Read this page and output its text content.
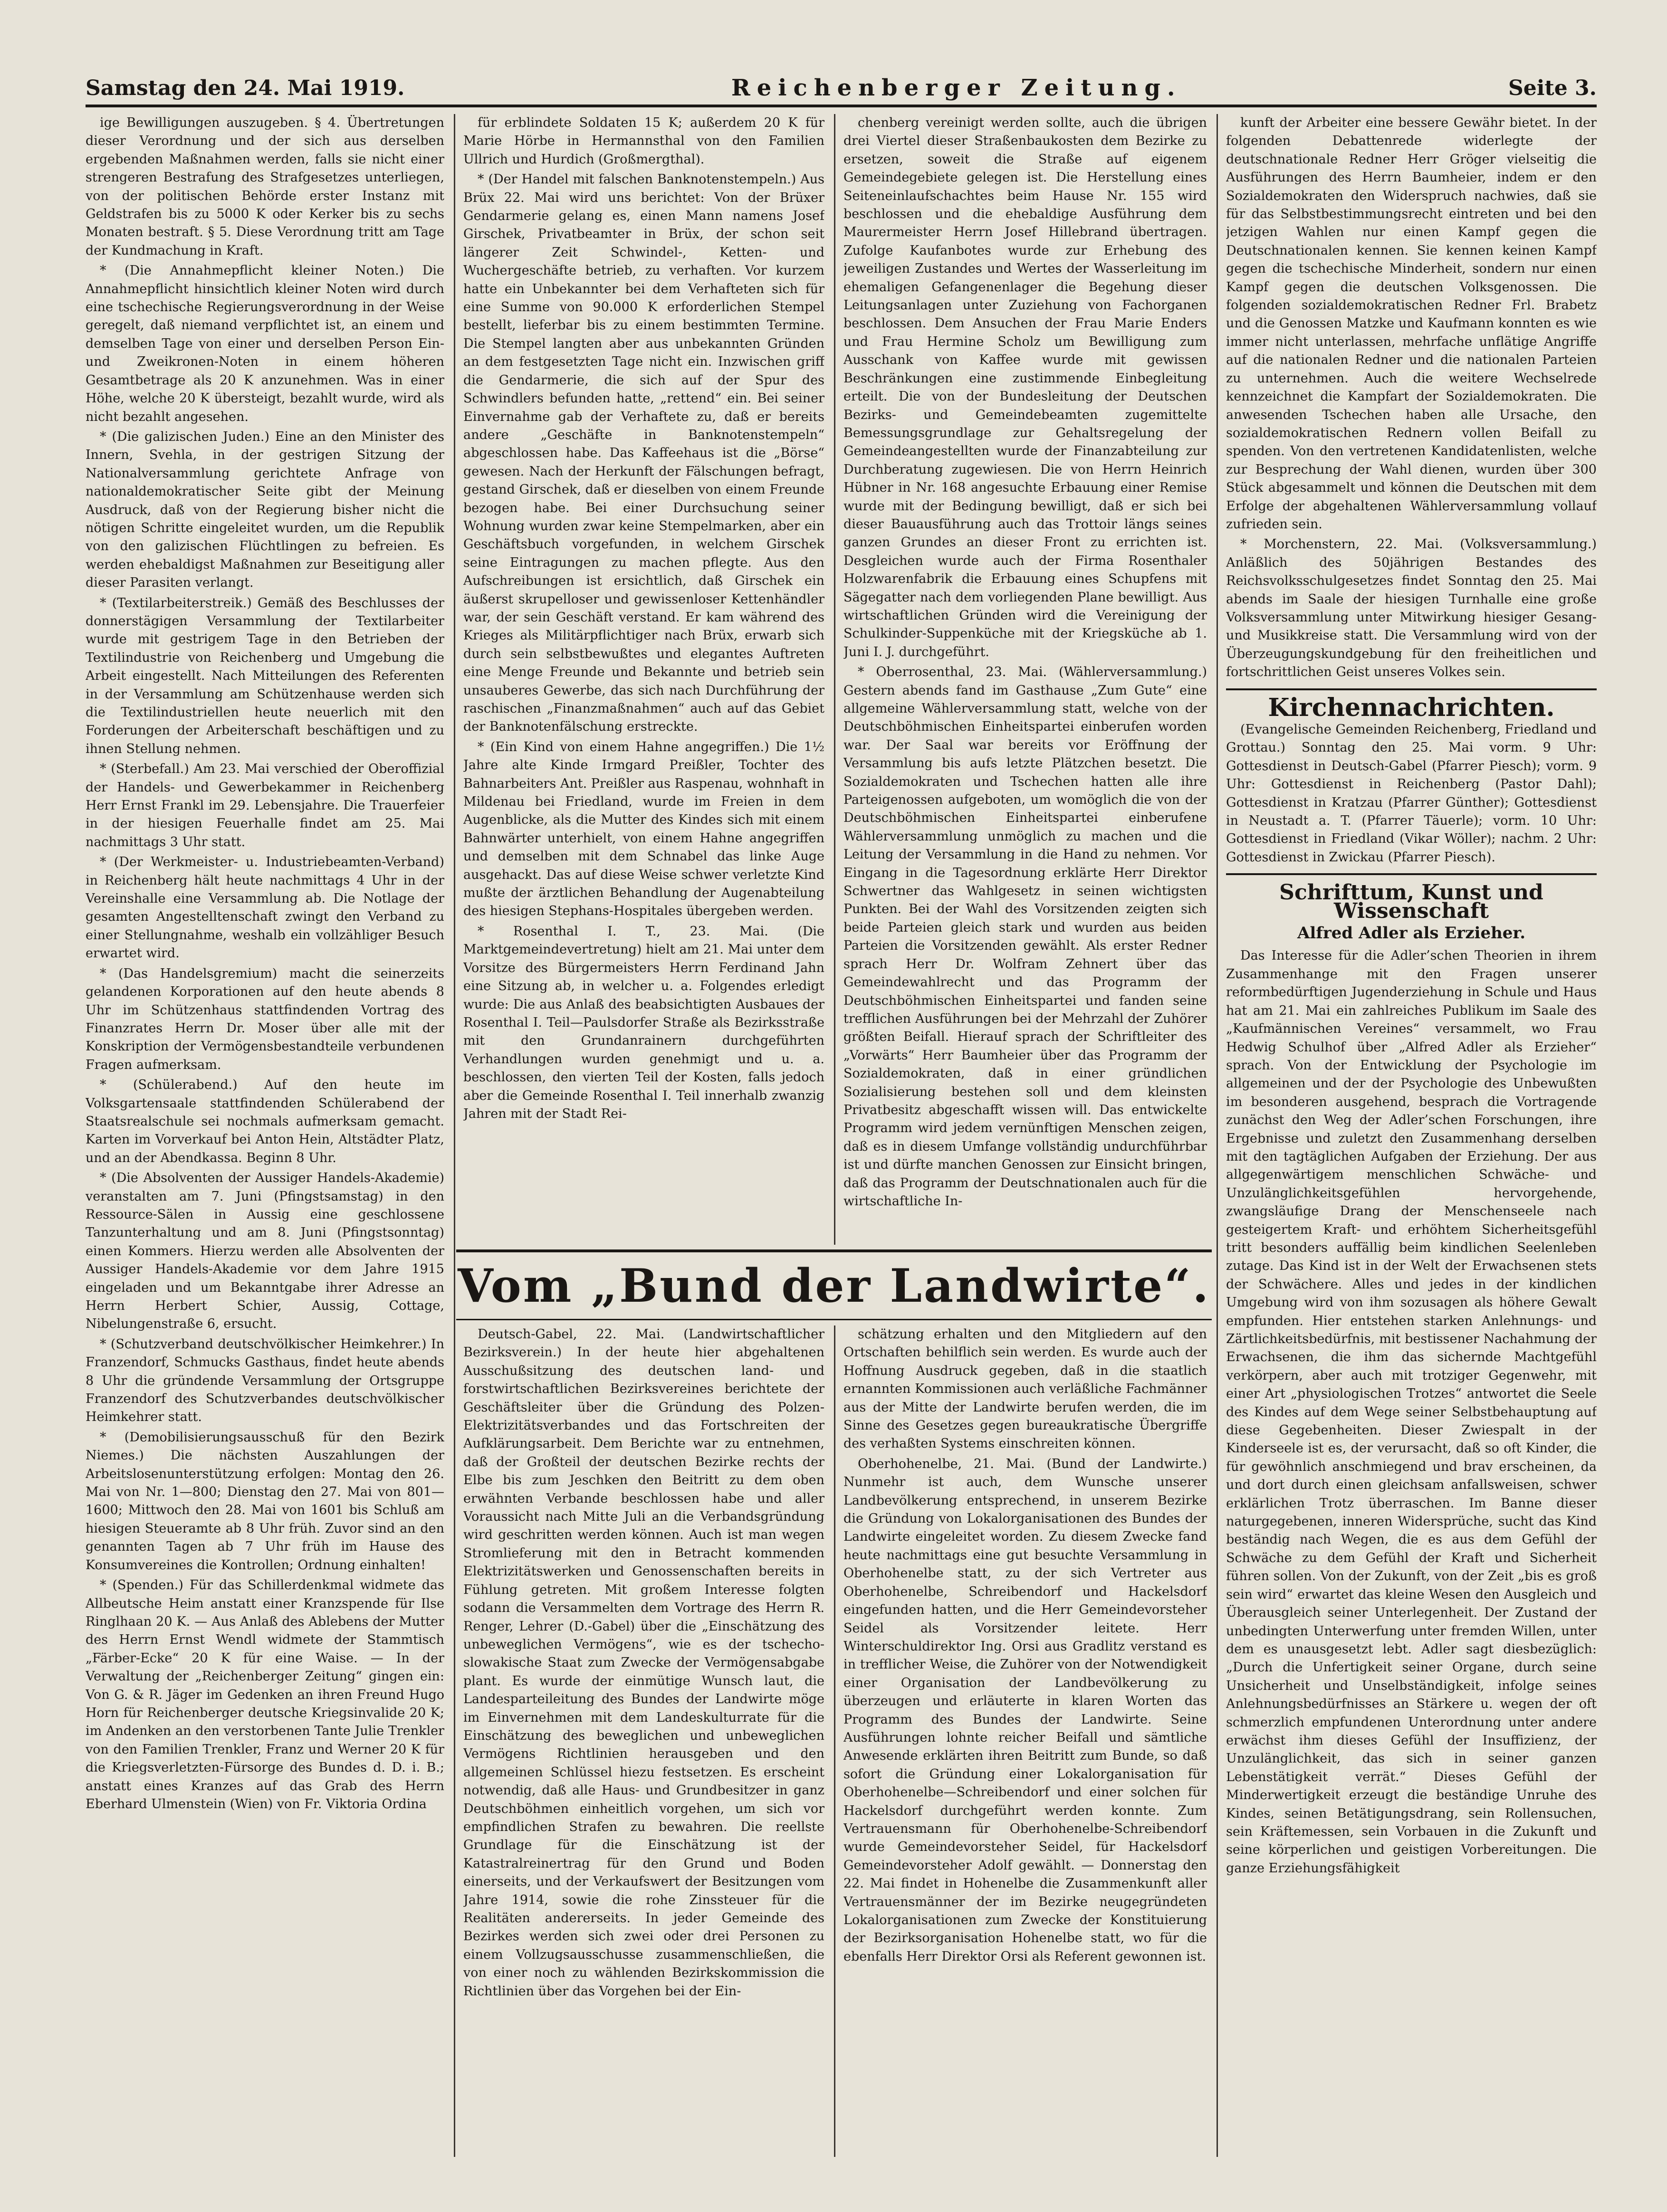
Samstag den 24. Mai 1919.	Reichenberger Zeitung.	Seite 3.

ige Bewilligungen auszugeben. § 4. Übertretungen dieser Verordnung und der sich aus derselben ergebenden Maßnahmen werden, falls sie nicht einer strengeren Bestrafung des Strafgesetzes unterliegen, von der politischen Behörde erster Instanz mit Geldstrafen bis zu 5000 K oder Kerker bis zu sechs Monaten bestraft. § 5. Diese Verordnung tritt am Tage der Kundmachung in Kraft.

* (Die Annahmepflicht kleiner Noten.) Die Annahmepflicht hinsichtlich kleiner Noten wird durch eine tschechische Regierungsverordnung in der Weise geregelt, daß niemand verpflichtet ist, an einem und demselben Tage von einer und derselben Person Ein- und Zweikronen-Noten in einem höheren Gesamtbetrage als 20 K anzunehmen. Was in einer Höhe, welche 20 K übersteigt, bezahlt wurde, wird als nicht bezahlt angesehen.

* (Die galizischen Juden.) Eine an den Minister des Innern, Svehla, in der gestrigen Sitzung der Nationalversammlung gerichtete Anfrage von nationaldemokratischer Seite gibt der Meinung Ausdruck, daß von der Regierung bisher nicht die nötigen Schritte eingeleitet wurden, um die Republik von den galizischen Flüchtlingen zu befreien. Es werden ehebaldigst Maßnahmen zur Beseitigung aller dieser Parasiten verlangt.

* (Textilarbeiterstreik.) Gemäß des Beschlusses der donnerstägigen Versammlung der Textilarbeiter wurde mit gestrigem Tage in den Betrieben der Textilindustrie von Reichenberg und Umgebung die Arbeit eingestellt. Nach Mitteilungen des Referenten in der Versammlung am Schützenhause werden sich die Textilindustriellen heute neuerlich mit den Forderungen der Arbeiterschaft beschäftigen und zu ihnen Stellung nehmen.

* (Sterbefall.) Am 23. Mai verschied der Oberoffizial der Handels- und Gewerbekammer in Reichenberg Herr Ernst Frankl im 29. Lebensjahre. Die Trauerfeier in der hiesigen Feuerhalle findet am 25. Mai nachmittags 3 Uhr statt.

* (Der Werkmeister- u. Industriebeamten-Verband) in Reichenberg hält heute nachmittags 4 Uhr in der Vereinshalle eine Versammlung ab. Die Notlage der gesamten Angestelltenschaft zwingt den Verband zu einer Stellungnahme, weshalb ein vollzähliger Besuch erwartet wird.

* (Das Handelsgremium) macht die seinerzeits gelandenen Korporationen auf den heute abends 8 Uhr im Schützenhaus stattfindenden Vortrag des Finanzrates Herrn Dr. Moser über alle mit der Konskription der Vermögensbestandteile verbundenen Fragen aufmerksam.

* (Schülerabend.) Auf den heute im Volksgartensaale stattfindenden Schülerabend der Staatsrealschule sei nochmals aufmerksam gemacht. Karten im Vorverkauf bei Anton Hein, Altstädter Platz, und an der Abendkassa. Beginn 8 Uhr.

* (Die Absolventen der Aussiger Handels-Akademie) veranstalten am 7. Juni (Pfingstsamstag) in den Ressource-Sälen in Aussig eine geschlossene Tanzunterhaltung und am 8. Juni (Pfingstsonntag) einen Kommers. Hierzu werden alle Absolventen der Aussiger Handels-Akademie vor dem Jahre 1915 eingeladen und um Bekanntgabe ihrer Adresse an Herrn Herbert Schier, Aussig, Cottage, Nibelungenstraße 6, ersucht.

* (Schutzverband deutschvölkischer Heimkehrer.) In Franzendorf, Schmucks Gasthaus, findet heute abends 8 Uhr die gründende Versammlung der Ortsgruppe Franzendorf des Schutzverbandes deutschvölkischer Heimkehrer statt.

* (Demobilisierungsausschuß für den Bezirk Niemes.) Die nächsten Auszahlungen der Arbeitslosenunterstützung erfolgen: Montag den 26. Mai von Nr. 1—800; Dienstag den 27. Mai von 801—1600; Mittwoch den 28. Mai von 1601 bis Schluß am hiesigen Steueramte ab 8 Uhr früh. Zuvor sind an den genannten Tagen ab 7 Uhr früh im Hause des Konsumvereines die Kontrollen; Ordnung einhalten!

* (Spenden.) Für das Schillerdenkmal widmete das Allbeutsche Heim anstatt einer Kranzspende für Ilse Ringlhaan 20 K. — Aus Anlaß des Ablebens der Mutter des Herrn Ernst Wendl widmete der Stammtisch „Färber-Ecke“ 20 K für eine Waise. — In der Verwaltung der „Reichenberger Zeitung“ gingen ein: Von G. & R. Jäger im Gedenken an ihren Freund Hugo Horn für Reichenberger deutsche Kriegsinvalide 20 K; im Andenken an den verstorbenen Tante Julie Trenkler von den Familien Trenkler, Franz und Werner 20 K für die Kriegsverletzten-Fürsorge des Bundes d. D. i. B.; anstatt eines Kranzes auf das Grab des Herrn Eberhard Ulmenstein (Wien) von Fr. Viktoria Ordina

für erblindete Soldaten 15 K; außerdem 20 K für Marie Hörbe in Hermannsthal von den Familien Ullrich und Hurdich (Großmergthal).

* (Der Handel mit falschen Banknotenstempeln.) Aus Brüx 22. Mai wird uns berichtet: Von der Brüxer Gendarmerie gelang es, einen Mann namens Josef Girschek, Privatbeamter in Brüx, der schon seit längerer Zeit Schwindel-, Ketten- und Wuchergeschäfte betrieb, zu verhaften. Vor kurzem hatte ein Unbekannter bei dem Verhafteten sich für eine Summe von 90.000 K erforderlichen Stempel bestellt, lieferbar bis zu einem bestimmten Termine. Die Stempel langten aber aus unbekannten Gründen an dem festgesetzten Tage nicht ein. Inzwischen griff die Gendarmerie, die sich auf der Spur des Schwindlers befunden hatte, „rettend“ ein. Bei seiner Einvernahme gab der Verhaftete zu, daß er bereits andere „Geschäfte in Banknotenstempeln“ abgeschlossen habe. Das Kaffeehaus ist die „Börse“ gewesen. Nach der Herkunft der Fälschungen befragt, gestand Girschek, daß er dieselben von einem Freunde bezogen habe. Bei einer Durchsuchung seiner Wohnung wurden zwar keine Stempelmarken, aber ein Geschäftsbuch vorgefunden, in welchem Girschek seine Eintragungen zu machen pflegte. Aus den Aufschreibungen ist ersichtlich, daß Girschek ein äußerst skrupelloser und gewissenloser Kettenhändler war, der sein Geschäft verstand. Er kam während des Krieges als Militärpflichtiger nach Brüx, erwarb sich durch sein selbstbewußtes und elegantes Auftreten eine Menge Freunde und Bekannte und betrieb sein unsauberes Gewerbe, das sich nach Durchführung der raschischen „Finanzmaßnahmen“ auch auf das Gebiet der Banknotenfälschung erstreckte.

* (Ein Kind von einem Hahne angegriffen.) Die 1½ Jahre alte Kinde Irmgard Preißler, Tochter des Bahnarbeiters Ant. Preißler aus Raspenau, wohnhaft in Mildenau bei Friedland, wurde im Freien in dem Augenblicke, als die Mutter des Kindes sich mit einem Bahnwärter unterhielt, von einem Hahne angegriffen und demselben mit dem Schnabel das linke Auge ausgehackt. Das auf diese Weise schwer verletzte Kind mußte der ärztlichen Behandlung der Augenabteilung des hiesigen Stephans-Hospitales übergeben werden.

* Rosenthal I. T., 23. Mai. (Die Marktgemeindevertretung) hielt am 21. Mai unter dem Vorsitze des Bürgermeisters Herrn Ferdinand Jahn eine Sitzung ab, in welcher u. a. Folgendes erledigt wurde: Die aus Anlaß des beabsichtigten Ausbaues der Rosenthal I. Teil—Paulsdorfer Straße als Bezirksstraße mit den Grundanrainern durchgeführten Verhandlungen wurden genehmigt und u. a. beschlossen, den vierten Teil der Kosten, falls jedoch aber die Gemeinde Rosenthal I. Teil innerhalb zwanzig Jahren mit der Stadt Rei-

chenberg vereinigt werden sollte, auch die übrigen drei Viertel dieser Straßenbaukosten dem Bezirke zu ersetzen, soweit die Straße auf eigenem Gemeindegebiete gelegen ist. Die Herstellung eines Seiteneinlaufschachtes beim Hause Nr. 155 wird beschlossen und die ehebaldige Ausführung dem Maurermeister Herrn Josef Hillebrand übertragen. Zufolge Kaufanbotes wurde zur Erhebung des jeweiligen Zustandes und Wertes der Wasserleitung im ehemaligen Gefangenenlager die Begehung dieser Leitungsanlagen unter Zuziehung von Fachorganen beschlossen. Dem Ansuchen der Frau Marie Enders und Frau Hermine Scholz um Bewilligung zum Ausschank von Kaffee wurde mit gewissen Beschränkungen eine zustimmende Einbegleitung erteilt. Die von der Bundesleitung der Deutschen Bezirks- und Gemeindebeamten zugemittelte Bemessungsgrundlage zur Gehaltsregelung der Gemeindeangestellten wurde der Finanzabteilung zur Durchberatung zugewiesen. Die von Herrn Heinrich Hübner in Nr. 168 angesuchte Erbauung einer Remise wurde mit der Bedingung bewilligt, daß er sich bei dieser Bauausführung auch das Trottoir längs seines ganzen Grundes an dieser Front zu errichten ist. Desgleichen wurde auch der Firma Rosenthaler Holzwarenfabrik die Erbauung eines Schupfens mit Sägegatter nach dem vorliegenden Plane bewilligt. Aus wirtschaftlichen Gründen wird die Vereinigung der Schulkinder-Suppenküche mit der Kriegsküche ab 1. Juni I. J. durchgeführt.

* Oberrosenthal, 23. Mai. (Wählerversammlung.) Gestern abends fand im Gasthause „Zum Gute“ eine allgemeine Wählerversammlung statt, welche von der Deutschböhmischen Einheitspartei einberufen worden war. Der Saal war bereits vor Eröffnung der Versammlung bis aufs letzte Plätzchen besetzt. Die Sozialdemokraten und Tschechen hatten alle ihre Parteigenossen aufgeboten, um womöglich die von der Deutschböhmischen Einheitspartei einberufene Wählerversammlung unmöglich zu machen und die Leitung der Versammlung in die Hand zu nehmen. Vor Eingang in die Tagesordnung erklärte Herr Direktor Schwertner das Wahlgesetz in seinen wichtigsten Punkten. Bei der Wahl des Vorsitzenden zeigten sich beide Parteien gleich stark und wurden aus beiden Parteien die Vorsitzenden gewählt. Als erster Redner sprach Herr Dr. Wolfram Zehnert über das Gemeindewahlrecht und das Programm der Deutschböhmischen Einheitspartei und fanden seine trefflichen Ausführungen bei der Mehrzahl der Zuhörer größten Beifall. Hierauf sprach der Schriftleiter des „Vorwärts“ Herr Baumheier über das Programm der Sozialdemokraten, daß in einer gründlichen Sozialisierung bestehen soll und dem kleinsten Privatbesitz abgeschafft wissen will. Das entwickelte Programm wird jedem vernünftigen Menschen zeigen, daß es in diesem Umfange vollständig undurchführbar ist und dürfte manchen Genossen zur Einsicht bringen, daß das Programm der Deutschnationalen auch für die wirtschaftliche In-

Vom „Bund der Landwirte“.

Deutsch-Gabel, 22. Mai. (Landwirtschaftlicher Bezirksverein.) In der heute hier abgehaltenen Ausschußsitzung des deutschen land- und forstwirtschaftlichen Bezirksvereines berichtete der Geschäftsleiter über die Gründung des Polzen-Elektrizitätsverbandes und das Fortschreiten der Aufklärungsarbeit. Dem Berichte war zu entnehmen, daß der Großteil der deutschen Bezirke rechts der Elbe bis zum Jeschken den Beitritt zu dem oben erwähnten Verbande beschlossen habe und aller Voraussicht nach Mitte Juli an die Verbandsgründung wird geschritten werden können. Auch ist man wegen Stromlieferung mit den in Betracht kommenden Elektrizitätswerken und Genossenschaften bereits in Fühlung getreten. Mit großem Interesse folgten sodann die Versammelten dem Vortrage des Herrn R. Renger, Lehrer (D.-Gabel) über die „Einschätzung des unbeweglichen Vermögens“, wie es der tschecho-slowakische Staat zum Zwecke der Vermögensabgabe plant. Es wurde der einmütige Wunsch laut, die Landesparteileitung des Bundes der Landwirte möge im Einvernehmen mit dem Landeskulturrate für die Einschätzung des beweglichen und unbeweglichen Vermögens Richtlinien herausgeben und den allgemeinen Schlüssel hiezu festsetzen. Es erscheint notwendig, daß alle Haus- und Grundbesitzer in ganz Deutschböhmen einheitlich vorgehen, um sich vor empfindlichen Strafen zu bewahren. Die reellste Grundlage für die Einschätzung ist der Katastralreinertrag für den Grund und Boden einerseits, und der Verkaufswert der Besitzungen vom Jahre 1914, sowie die rohe Zinssteuer für die Realitäten andererseits. In jeder Gemeinde des Bezirkes werden sich zwei oder drei Personen zu einem Vollzugsausschusse zusammenschließen, die von einer noch zu wählenden Bezirkskommission die Richtlinien über das Vorgehen bei der Ein-

schätzung erhalten und den Mitgliedern auf den Ortschaften behilflich sein werden. Es wurde auch der Hoffnung Ausdruck gegeben, daß in die staatlich ernannten Kommissionen auch verläßliche Fachmänner aus der Mitte der Landwirte berufen werden, die im Sinne des Gesetzes gegen bureaukratische Übergriffe des verhaßten Systems einschreiten können.

Oberhohenelbe, 21. Mai. (Bund der Landwirte.) Nunmehr ist auch, dem Wunsche unserer Landbevölkerung entsprechend, in unserem Bezirke die Gründung von Lokalorganisationen des Bundes der Landwirte eingeleitet worden. Zu diesem Zwecke fand heute nachmittags eine gut besuchte Versammlung in Oberhohenelbe statt, zu der sich Vertreter aus Oberhohenelbe, Schreibendorf und Hackelsdorf eingefunden hatten, und die Herr Gemeindevorsteher Seidel als Vorsitzender leitete. Herr Winterschuldirektor Ing. Orsi aus Gradlitz verstand es in trefflicher Weise, die Zuhörer von der Notwendigkeit einer Organisation der Landbevölkerung zu überzeugen und erläuterte in klaren Worten das Programm des Bundes der Landwirte. Seine Ausführungen lohnte reicher Beifall und sämtliche Anwesende erklärten ihren Beitritt zum Bunde, so daß sofort die Gründung einer Lokalorganisation für Oberhohenelbe—Schreibendorf und einer solchen für Hackelsdorf durchgeführt werden konnte. Zum Vertrauensmann für Oberhohenelbe-Schreibendorf wurde Gemeindevorsteher Seidel, für Hackelsdorf Gemeindevorsteher Adolf gewählt. — Donnerstag den 22. Mai findet in Hohenelbe die Zusammenkunft aller Vertrauensmänner der im Bezirke neugegründeten Lokalorganisationen zum Zwecke der Konstituierung der Bezirksorganisation Hohenelbe statt, wo für die ebenfalls Herr Direktor Orsi als Referent gewonnen ist.

kunft der Arbeiter eine bessere Gewähr bietet. In der folgenden Debattenrede widerlegte der deutschnationale Redner Herr Gröger vielseitig die Ausführungen des Herrn Baumheier, indem er den Sozialdemokraten den Widerspruch nachwies, daß sie für das Selbstbestimmungsrecht eintreten und bei den jetzigen Wahlen nur einen Kampf gegen die Deutschnationalen kennen. Sie kennen keinen Kampf gegen die tschechische Minderheit, sondern nur einen Kampf gegen die deutschen Volksgenossen. Die folgenden sozialdemokratischen Redner Frl. Brabetz und die Genossen Matzke und Kaufmann konnten es wie immer nicht unterlassen, mehrfache unflätige Angriffe auf die nationalen Redner und die nationalen Parteien zu unternehmen. Auch die weitere Wechselrede kennzeichnet die Kampfart der Sozialdemokraten. Die anwesenden Tschechen haben alle Ursache, den sozialdemokratischen Rednern vollen Beifall zu spenden. Von den vertretenen Kandidatenlisten, welche zur Besprechung der Wahl dienen, wurden über 300 Stück abgesammelt und können die Deutschen mit dem Erfolge der abgehaltenen Wählerversammlung vollauf zufrieden sein.

* Morchenstern, 22. Mai. (Volksversammlung.) Anläßlich des 50jährigen Bestandes des Reichsvolksschulgesetzes findet Sonntag den 25. Mai abends im Saale der hiesigen Turnhalle eine große Volksversammlung unter Mitwirkung hiesiger Gesang- und Musikkreise statt. Die Versammlung wird von der Überzeugungskundgebung für den freiheitlichen und fortschrittlichen Geist unseres Volkes sein.

Kirchennachrichten.

(Evangelische Gemeinden Reichenberg, Friedland und Grottau.) Sonntag den 25. Mai vorm. 9 Uhr: Gottesdienst in Deutsch-Gabel (Pfarrer Piesch); vorm. 9 Uhr: Gottesdienst in Reichenberg (Pastor Dahl); Gottesdienst in Kratzau (Pfarrer Günther); Gottesdienst in Neustadt a. T. (Pfarrer Täuerle); vorm. 10 Uhr: Gottesdienst in Friedland (Vikar Wöller); nachm. 2 Uhr: Gottesdienst in Zwickau (Pfarrer Piesch).

Schrifttum, Kunst und Wissenschaft
Alfred Adler als Erzieher.

Das Interesse für die Adler’schen Theorien in ihrem Zusammenhange mit den Fragen unserer reformbedürftigen Jugenderziehung in Schule und Haus hat am 21. Mai ein zahlreiches Publikum im Saale des „Kaufmännischen Vereines“ versammelt, wo Frau Hedwig Schulhof über „Alfred Adler als Erzieher“ sprach. Von der Entwicklung der Psychologie im allgemeinen und der der Psychologie des Unbewußten im besonderen ausgehend, besprach die Vortragende zunächst den Weg der Adler’schen Forschungen, ihre Ergebnisse und zuletzt den Zusammenhang derselben mit den tagtäglichen Aufgaben der Erziehung. Der aus allgegenwärtigem menschlichen Schwäche- und Unzulänglichkeitsgefühlen hervorgehende, zwangsläufige Drang der Menschenseele nach gesteigertem Kraft- und erhöhtem Sicherheitsgefühl tritt besonders auffällig beim kindlichen Seelenleben zutage. Das Kind ist in der Welt der Erwachsenen stets der Schwächere. Alles und jedes in der kindlichen Umgebung wird von ihm sozusagen als höhere Gewalt empfunden. Hier entstehen starken Anlehnungs- und Zärtlichkeitsbedürfnis, mit bestissener Nachahmung der Erwachsenen, die ihm das sichernde Machtgefühl verkörpern, aber auch mit trotziger Gegenwehr, mit einer Art „physiologischen Trotzes“ antwortet die Seele des Kindes auf dem Wege seiner Selbstbehauptung auf diese Gegebenheiten. Dieser Zwiespalt in der Kinderseele ist es, der verursacht, daß so oft Kinder, die für gewöhnlich anschmiegend und brav erscheinen, da und dort durch einen gleichsam anfallsweisen, schwer erklärlichen Trotz überraschen. Im Banne dieser naturgegebenen, inneren Widersprüche, sucht das Kind beständig nach Wegen, die es aus dem Gefühl der Schwäche zu dem Gefühl der Kraft und Sicherheit führen sollen. Von der Zukunft, von der Zeit „bis es groß sein wird“ erwartet das kleine Wesen den Ausgleich und Überausgleich seiner Unterlegenheit. Der Zustand der unbedingten Unterwerfung unter fremden Willen, unter dem es unausgesetzt lebt. Adler sagt diesbezüglich: „Durch die Unfertigkeit seiner Organe, durch seine Unsicherheit und Unselbständigkeit, infolge seines Anlehnungsbedürfnisses an Stärkere u. wegen der oft schmerzlich empfundenen Unterordnung unter andere erwächst ihm dieses Gefühl der Insuffizienz, der Unzulänglichkeit, das sich in seiner ganzen Lebenstätigkeit verrät.“ Dieses Gefühl der Minderwertigkeit erzeugt die beständige Unruhe des Kindes, seinen Betätigungsdrang, sein Rollensuchen, sein Kräftemessen, sein Vorbauen in die Zukunft und seine körperlichen und geistigen Vorbereitungen. Die ganze Erziehungsfähigkeit
